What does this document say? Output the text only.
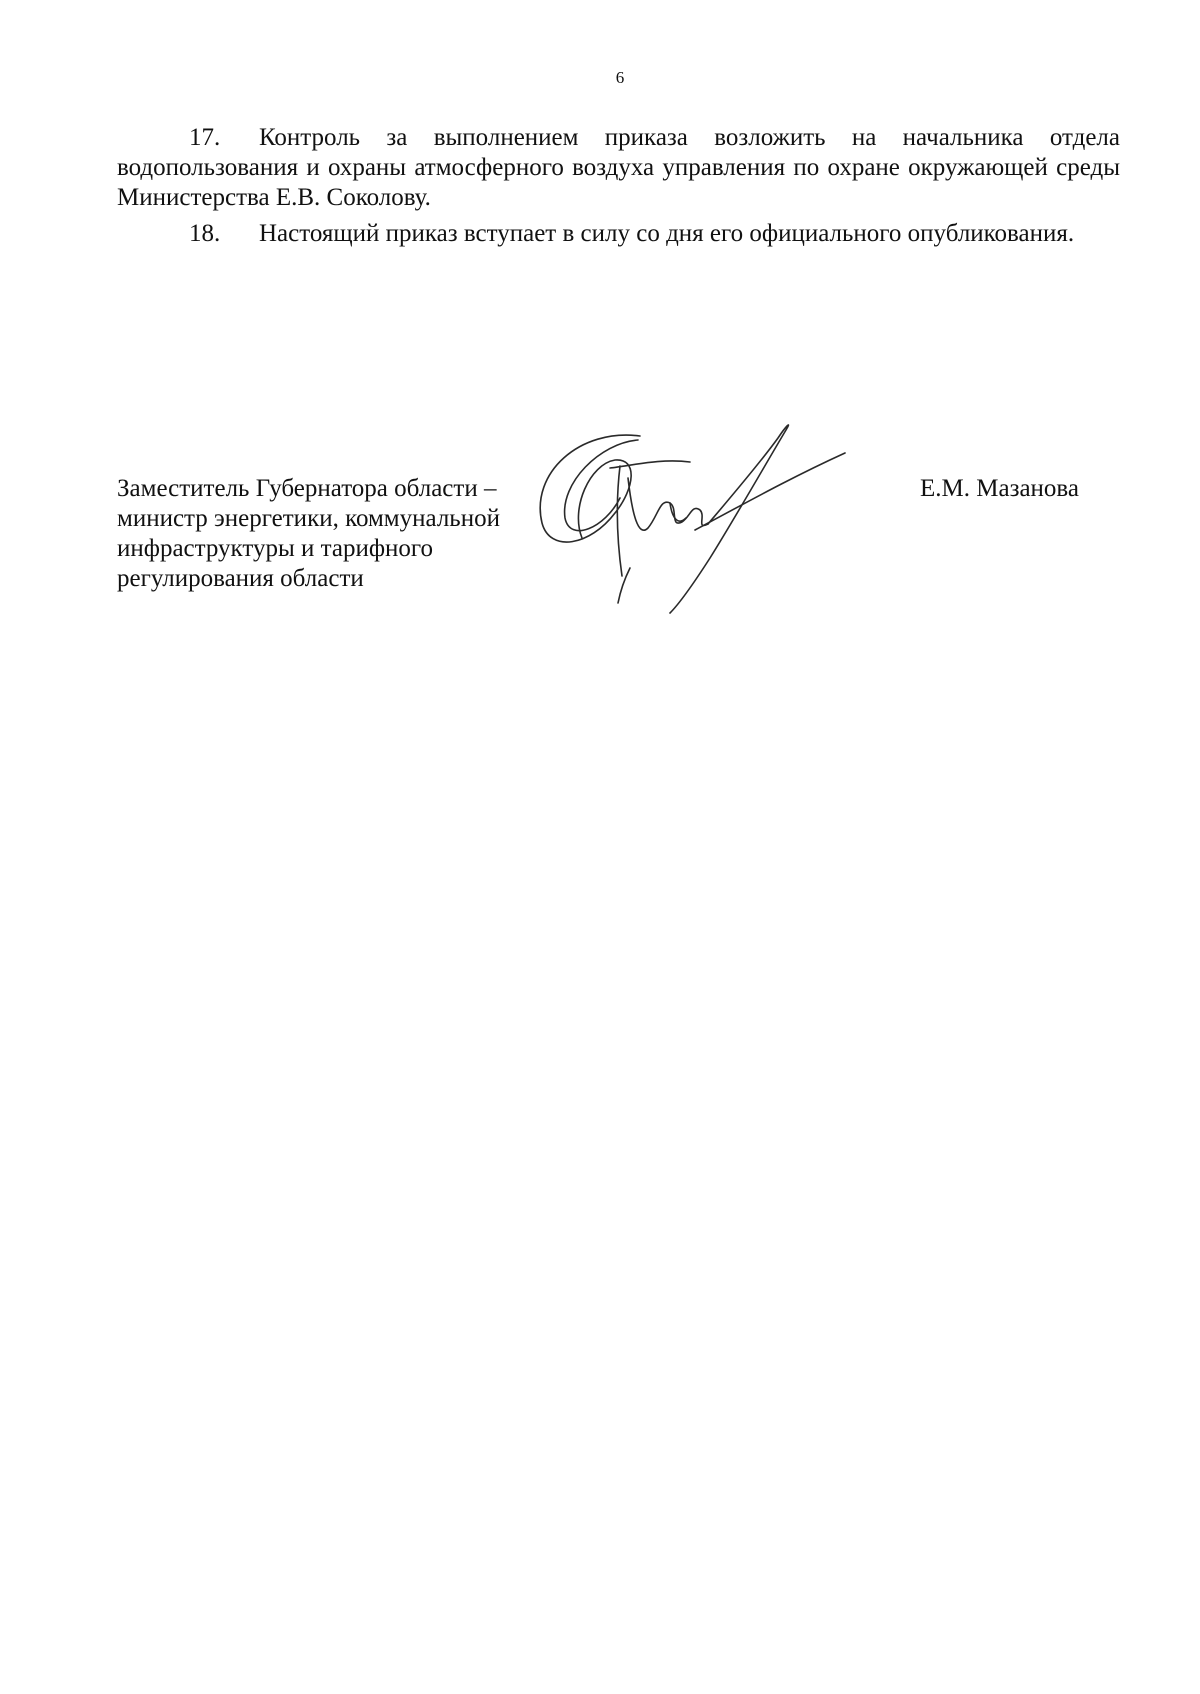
6

17. Контроль за выполнением приказа возложить на начальника отдела водопользования и охраны атмосферного воздуха управления по охране окружающей среды Министерства Е.В. Соколову.

18. Настоящий приказ вступает в силу со дня его официального опубликования.

Заместитель Губернатора области –
министр энергетики, коммунальной
инфраструктуры и тарифного
регулирования области
Е.М. Мазанова
